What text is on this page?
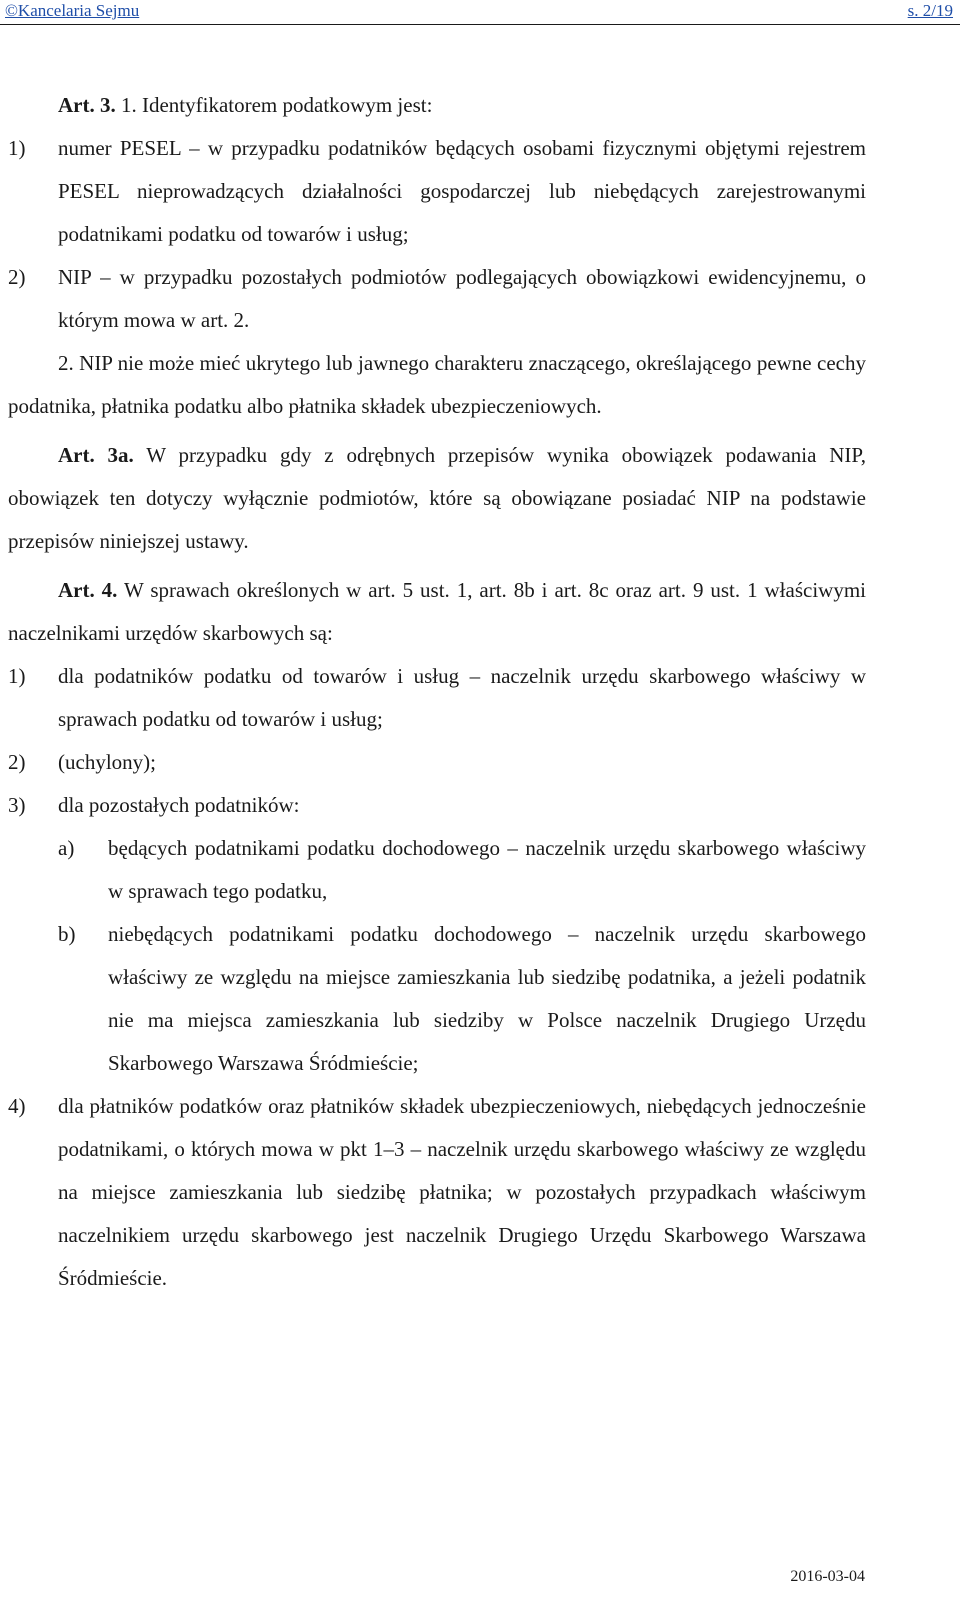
©Kancelaria Sejmu	s. 2/19
Art. 3. 1. Identyfikatorem podatkowym jest:
1) numer PESEL – w przypadku podatników będących osobami fizycznymi objętymi rejestrem PESEL nieprowadzących działalności gospodarczej lub niebędących zarejestrowanymi podatnikami podatku od towarów i usług;
2) NIP – w przypadku pozostałych podmiotów podlegających obowiązkowi ewidencyjnemu, o którym mowa w art. 2.
2. NIP nie może mieć ukrytego lub jawnego charakteru znaczącego, określającego pewne cechy podatnika, płatnika podatku albo płatnika składek ubezpieczeniowych.
Art. 3a. W przypadku gdy z odrębnych przepisów wynika obowiązek podawania NIP, obowiązek ten dotyczy wyłącznie podmiotów, które są obowiązane posiadać NIP na podstawie przepisów niniejszej ustawy.
Art. 4. W sprawach określonych w art. 5 ust. 1, art. 8b i art. 8c oraz art. 9 ust. 1 właściwymi naczelnikami urzędów skarbowych są:
1) dla podatników podatku od towarów i usług – naczelnik urzędu skarbowego właściwy w sprawach podatku od towarów i usług;
2) (uchylony);
3) dla pozostałych podatników:
a) będących podatnikami podatku dochodowego – naczelnik urzędu skarbowego właściwy w sprawach tego podatku,
b) niebędących podatnikami podatku dochodowego – naczelnik urzędu skarbowego właściwy ze względu na miejsce zamieszkania lub siedzibę podatnika, a jeżeli podatnik nie ma miejsca zamieszkania lub siedziby w Polsce naczelnik Drugiego Urzędu Skarbowego Warszawa Śródmieście;
4) dla płatników podatków oraz płatników składek ubezpieczeniowych, niebędących jednocześnie podatnikami, o których mowa w pkt 1–3 – naczelnik urzędu skarbowego właściwy ze względu na miejsce zamieszkania lub siedzibę płatnika; w pozostałych przypadkach właściwym naczelnikiem urzędu skarbowego jest naczelnik Drugiego Urzędu Skarbowego Warszawa Śródmieście.
2016-03-04
